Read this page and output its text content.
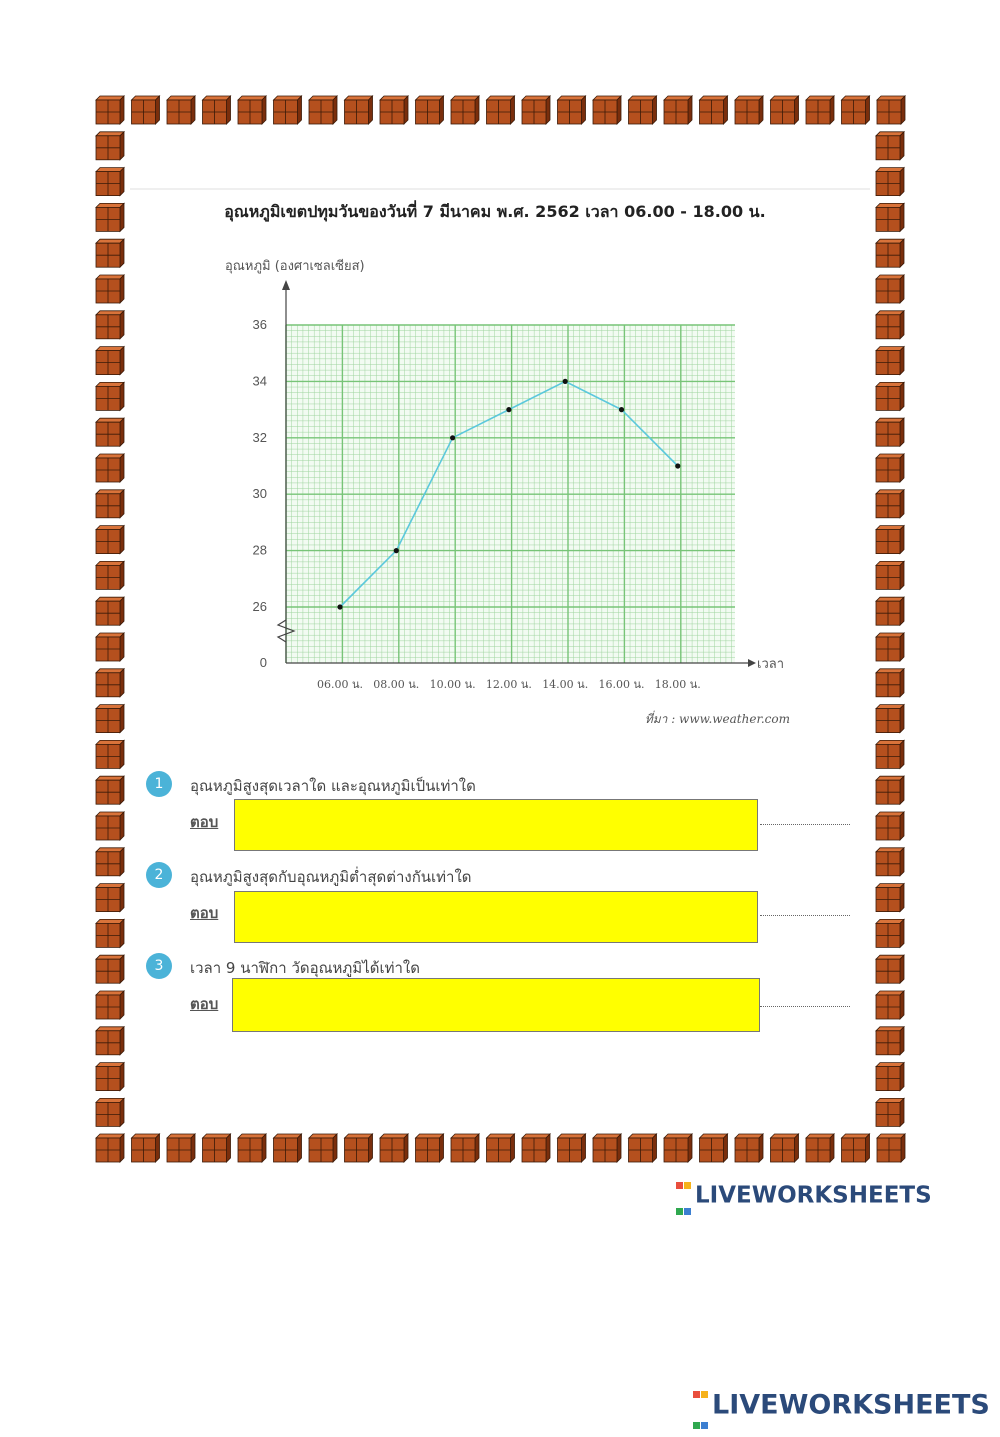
อุณหภูมิเขตปทุมวันของวันที่ 7 มีนาคม พ.ศ. 2562 เวลา 06.00 - 18.00 น.
36
34
32
30
28
26
0
อุณหภูมิ (องศาเซลเซียส)
เวลา
06.00 น. 08.00 น. 10.00 น. 12.00 น. 14.00 น. 16.00 น. 18.00 น.
ที่มา : www.weather.com
1	อุณหภูมิสูงสุดเวลาใด และอุณหภูมิเป็นเท่าใด
ตอบ
2	อุณหภูมิสูงสุดกับอุณหภูมิต่ำสุดต่างกันเท่าใด
ตอบ
3	เวลา 9 นาฬิกา วัดอุณหภูมิได้เท่าใด
ตอบ

LIVEWORKSHEETS

LIVEWORKSHEETS
